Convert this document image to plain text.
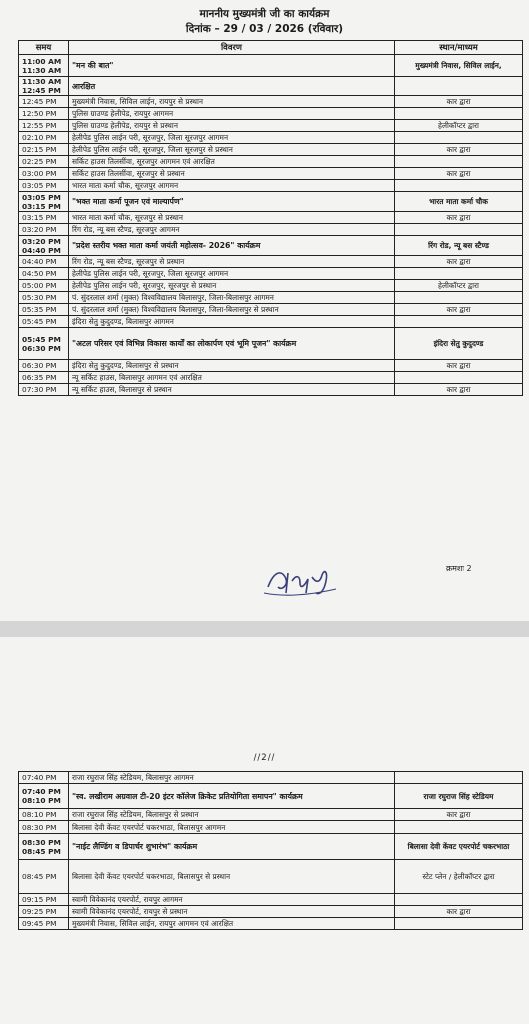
माननीय मुख्यमंत्री जी का कार्यक्रम
दिनांक – 29 / 03 / 2026 (रविवार)
समय	विवरण	स्थान/माध्यम
11:00 AM
11:30 AM	"मन की बात"	मुख्यमंत्री निवास, सिविल लाईन,
11:30 AM
12:45 PM	आरक्षित	
12:45 PM	मुख्यमंत्री निवास, सिविल लाईन, रायपुर से प्रस्थान	कार द्वारा
12:50 PM	पुलिस ग्राउण्ड हेलीपेड, रायपुर आगमन	
12:55 PM	पुलिस ग्राउण्ड हेलीपेड, रायपुर से प्रस्थान	हेलीकॉप्टर द्वारा
02:10 PM	हेलीपेड पुलिस लाईन परी, सूरजपुर, जिला सूरजपुर आगमन	
02:15 PM	हेलीपेड पुलिस लाईन परी, सूरजपुर, जिला सूरजपुर से प्रस्थान	कार द्वारा
02:25 PM	सर्किट हाउस तिलसींवा, सूरजपुर आगमन एवं आरक्षित	
03:00 PM	सर्किट हाउस तिलसींवा, सूरजपुर से प्रस्थान	कार द्वारा
03:05 PM	भारत माता कर्मा चौक, सूरजपुर आगमन	
03:05 PM
03:15 PM	"भक्त माता कर्मा पूजन एवं माल्यार्पण"	भारत माता कर्मा चौक
03:15 PM	भारत माता कर्मा चौक, सूरजपुर से प्रस्थान	कार द्वारा
03:20 PM	रिंग रोड, न्यू बस स्टैण्ड, सूरजपुर आगमन	
03:20 PM
04:40 PM	"प्रदेश स्तरीय भक्त माता कर्मा जयंती महोत्सव- 2026" कार्यक्रम	रिंग रोड, न्यू बस स्टैण्ड
04:40 PM	रिंग रोड, न्यू बस स्टैण्ड, सूरजपुर से प्रस्थान	कार द्वारा
04:50 PM	हेलीपेड पुलिस लाईन परी, सूरजपुर, जिला सूरजपुर आगमन	
05:00 PM	हेलीपेड पुलिस लाईन परी, सूरजपुर, सूरजपुर से प्रस्थान	हेलीकॉप्टर द्वारा
05:30 PM	पं. सुंदरलाल शर्मा (मुक्त) विश्वविद्यालय बिलासपुर, जिला-बिलासपुर आगमन	
05:35 PM	पं. सुंदरलाल शर्मा (मुक्त) विश्वविद्यालय बिलासपुर, जिला-बिलासपुर से प्रस्थान	कार द्वारा
05:45 PM	इंदिरा सेतु कुदुदण्ड, बिलासपुर आगमन	
05:45 PM
06:30 PM	"अटल परिसर एवं विभिन्न विकास कार्यों का लोकार्पण एवं भूमि पूजन" कार्यक्रम	इंदिरा सेतु कुदुदण्ड
06:30 PM	इंदिरा सेतु कुदुदण्ड, बिलासपुर से प्रस्थान	कार द्वारा
06:35 PM	न्यू सर्किट हाउस, बिलासपुर आगमन एवं आरक्षित	
07:30 PM	न्यू सर्किट हाउस, बिलासपुर से प्रस्थान	कार द्वारा
क्रमशः 2
//2//
07:40 PM	राजा रघुराज सिंह स्टेडियम, बिलासपुर आगमन	
07:40 PM
08:10 PM	"स्व. लखीराम अग्रवाल टी-20 इंटर कॉलेज क्रिकेट प्रतियोगिता समापन" कार्यक्रम	राजा रघुराज सिंह स्टेडियम
08:10 PM	राजा रघुराज सिंह स्टेडियम, बिलासपुर से प्रस्थान	कार द्वारा
08:30 PM	बिलासा देवी केंवट एयरपोर्ट चकरभाठा, बिलासपुर आगमन	
08:30 PM
08:45 PM	"नाईट लैण्डिंग व डिपार्चर शुभारंभ" कार्यक्रम	बिलासा देवी केंवट एयरपोर्ट चकरभाठा
08:45 PM	बिलासा देवी केंवट एयरपोर्ट चकरभाठा, बिलासपुर से प्रस्थान	स्टेट प्लेन / हेलीकॉप्टर द्वारा
09:15 PM	स्वामी विवेकानंद एयरपोर्ट, रायपुर आगमन	
09:25 PM	स्वामी विवेकानंद एयरपोर्ट, रायपुर से प्रस्थान	कार द्वारा
09:45 PM	मुख्यमंत्री निवास, सिविल लाईन, रायपुर आगमन एवं आरक्षित	
